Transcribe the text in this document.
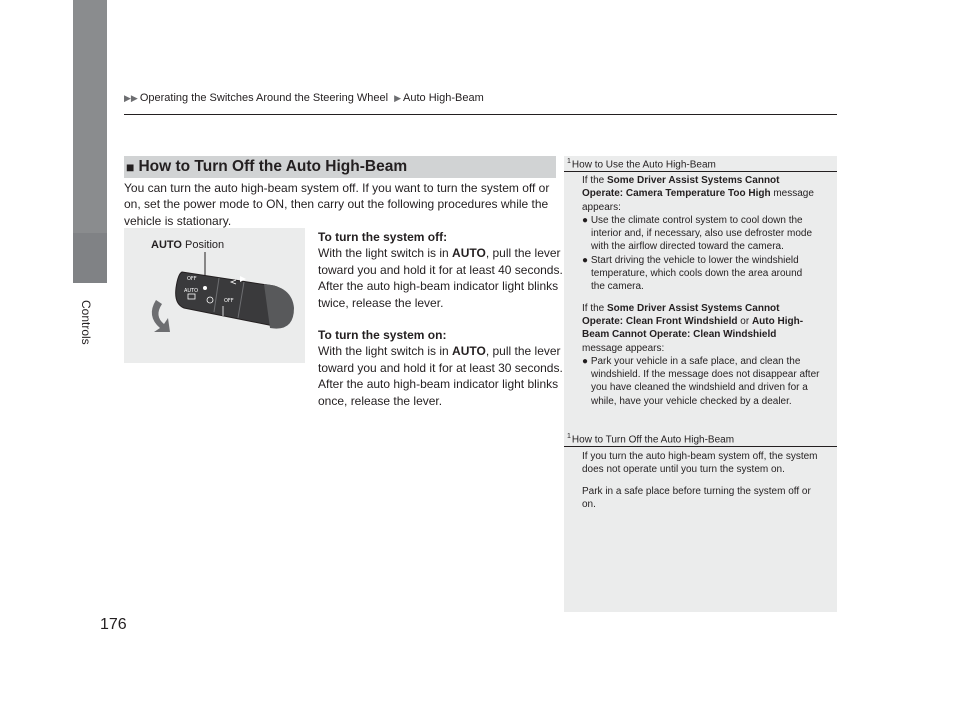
Controls
▶▶ Operating the Switches Around the Steering Wheel ▶ Auto High-Beam
■ How to Turn Off the Auto High-Beam
You can turn the auto high-beam system off. If you want to turn the system off or
on, set the power mode to ON, then carry out the following procedures while the
vehicle is stationary.
AUTO Position
OFF
AUTO
OFF
To turn the system off:
With the light switch is in AUTO, pull the lever
toward you and hold it for at least 40 seconds.
After the auto high-beam indicator light blinks
twice, release the lever.
To turn the system on:
With the light switch is in AUTO, pull the lever
toward you and hold it for at least 30 seconds.
After the auto high-beam indicator light blinks
once, release the lever.
$^1$How to Use the Auto High-Beam
If the Some Driver Assist Systems Cannot
Operate: Camera Temperature Too High message
appears:
● Use the climate control system to cool down the
interior and, if necessary, also use defroster mode
with the airflow directed toward the camera.
● Start driving the vehicle to lower the windshield
temperature, which cools down the area around
the camera.
If the Some Driver Assist Systems Cannot
Operate: Clean Front Windshield or Auto High-
Beam Cannot Operate: Clean Windshield
message appears:
● Park your vehicle in a safe place, and clean the
windshield. If the message does not disappear after
you have cleaned the windshield and driven for a
while, have your vehicle checked by a dealer.
$^1$How to Turn Off the Auto High-Beam
If you turn the auto high-beam system off, the system
does not operate until you turn the system on.
Park in a safe place before turning the system off or
on.
176
